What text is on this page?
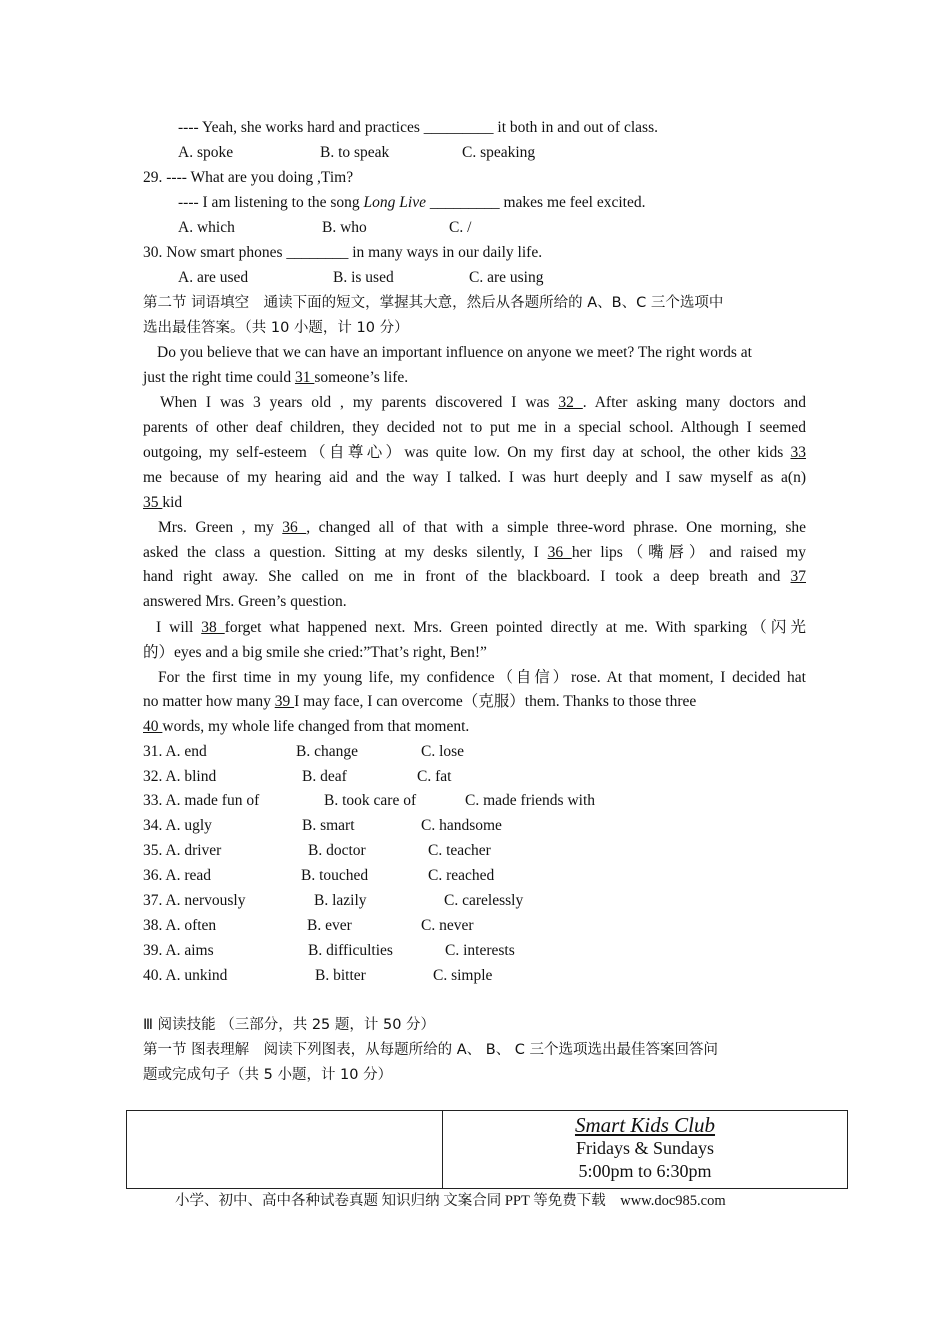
---- Yeah, she works hard and practices _________ it both in and out of class.
A. spoke	B. to speak	C. speaking
29. ---- What are you doing ,Tim?
---- I am listening to the song Long Live _________ makes me feel excited.
A. which	B. who	C. /
30. Now smart phones ________ in many ways in our daily life.
A. are used	B. is used	C. are using
第二节 词语填空　通读下面的短文，掌握其大意，然后从各题所给的 A、B、C 三个选项中
选出最佳答案。（共 10 小题，计 10 分）
Do you believe that we can have an important influence on anyone we meet? The right words at
just the right time could 31 someone’s life.
When I was 3 years old , my parents discovered I was 32 . After asking many doctors and
parents of other deaf children, they decided not to put me in a special school. Although I seemed
outgoing, my self-esteem（自尊心）was quite low. On my first day at school, the other kids 33
me because of my hearing aid and the way I talked. I was hurt deeply and I saw myself as a(n)
35 kid
Mrs. Green , my 36 , changed all of that with a simple three-word phrase. One morning, she
asked the class a question. Sitting at my desks silently, I 36 her lips（嘴唇）and raised my
hand right away. She called on me in front of the blackboard. I took a deep breath and 37
answered Mrs. Green’s question.
I will 38 forget what happened next. Mrs. Green pointed directly at me. With sparking（闪光
的）eyes and a big smile she cried:”That’s right, Ben!”
For the first time in my young life, my confidence（自信）rose. At that moment, I decided hat
no matter how many 39 I may face, I can overcome（克服）them. Thanks to those three
40 words, my whole life changed from that moment.
31. A. end	B. change	C. lose
32. A. blind	B. deaf	C. fat
33. A. made fun of	B. took care of	C. made friends with
34. A. ugly	B. smart	C. handsome
35. A. driver	B. doctor	C. teacher
36. A. read	B. touched	C. reached
37. A. nervously	B. lazily	C. carelessly
38. A. often	B. ever	C. never
39. A. aims	B. difficulties	C. interests
40. A. unkind	B. bitter	C. simple
Ⅲ 阅读技能 （三部分，共 25 题，计 50 分）
第一节 图表理解　阅读下列图表，从每题所给的 A、 B、 C 三个选项选出最佳答案回答问
题或完成句子（共 5 小题，计 10 分）
Smart Kids Club
Fridays & Sundays
5:00pm to 6:30pm
小学、初中、高中各种试卷真题 知识归纳 文案合同 PPT 等免费下载　www.doc985.com
